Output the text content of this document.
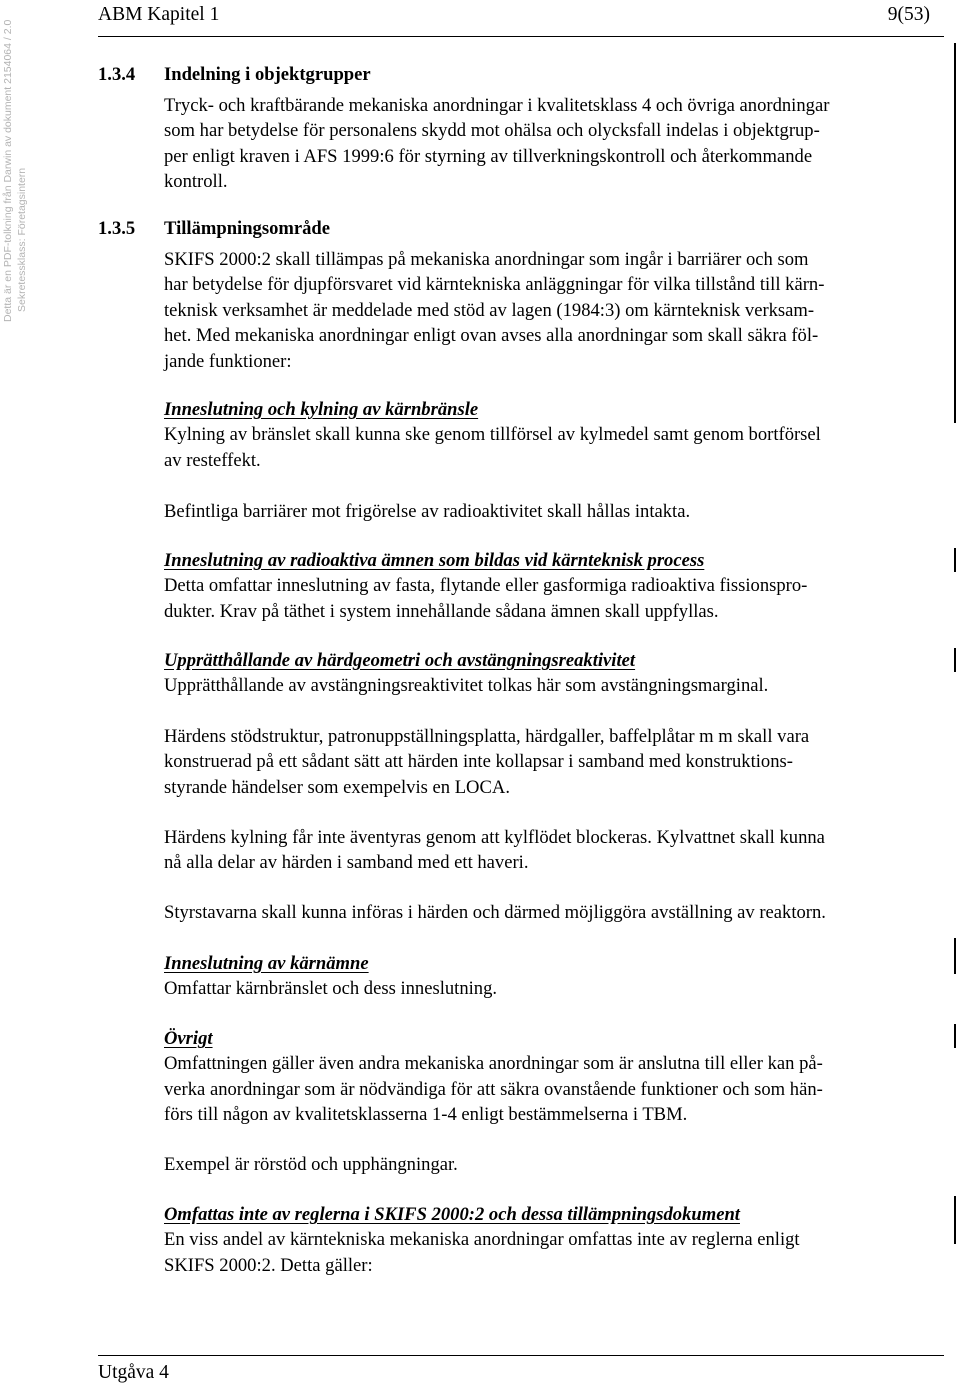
ABM Kapitel 1	9(53)
Detta är en PDF-tolkning från Darwin av dokument 2154064 / 2.0 Sekretessklass: Företagsintern
1.3.4 Indelning i objektgrupper
Tryck- och kraftbärande mekaniska anordningar i kvalitetsklass 4 och övriga anordningar
som har betydelse för personalens skydd mot ohälsa och olycksfall indelas i objektgrup-
per enligt kraven i AFS 1999:6 för styrning av tillverkningskontroll och återkommande
kontroll.
1.3.5 Tillämpningsområde
SKIFS 2000:2 skall tillämpas på mekaniska anordningar som ingår i barriärer och som
har betydelse för djupförsvaret vid kärntekniska anläggningar för vilka tillstånd till kärn-
teknisk verksamhet är meddelade med stöd av lagen (1984:3) om kärnteknisk verksam-
het. Med mekaniska anordningar enligt ovan avses alla anordningar som skall säkra föl-
jande funktioner:
Inneslutning och kylning av kärnbränsle
Kylning av bränslet skall kunna ske genom tillförsel av kylmedel samt genom bortförsel
av resteffekt.
Befintliga barriärer mot frigörelse av radioaktivitet skall hållas intakta.
Inneslutning av radioaktiva ämnen som bildas vid kärnteknisk process
Detta omfattar inneslutning av fasta, flytande eller gasformiga radioaktiva fissionspro-
dukter. Krav på täthet i system innehållande sådana ämnen skall uppfyllas.
Upprätthållande av härdgeometri och avstängningsreaktivitet
Upprätthållande av avstängningsreaktivitet tolkas här som avstängningsmarginal.
Härdens stödstruktur, patronuppställningsplatta, härdgaller, baffelplåtar m m skall vara
konstruerad på ett sådant sätt att härden inte kollapsar i samband med konstruktions-
styrande händelser som exempelvis en LOCA.
Härdens kylning får inte äventyras genom att kylflödet blockeras. Kylvattnet skall kunna
nå alla delar av härden i samband med ett haveri.
Styrstavarna skall kunna införas i härden och därmed möjliggöra avställning av reaktorn.
Inneslutning av kärnämne
Omfattar kärnbränslet och dess inneslutning.
Övrigt
Omfattningen gäller även andra mekaniska anordningar som är anslutna till eller kan på-
verka anordningar som är nödvändiga för att säkra ovanstående funktioner och som hän-
förs till någon av kvalitetsklasserna 1-4 enligt bestämmelserna i TBM.
Exempel är rörstöd och upphängningar.
Omfattas inte av reglerna i SKIFS 2000:2 och dessa tillämpningsdokument
En viss andel av kärntekniska mekaniska anordningar omfattas inte av reglerna enligt
SKIFS 2000:2. Detta gäller:
Utgåva 4
